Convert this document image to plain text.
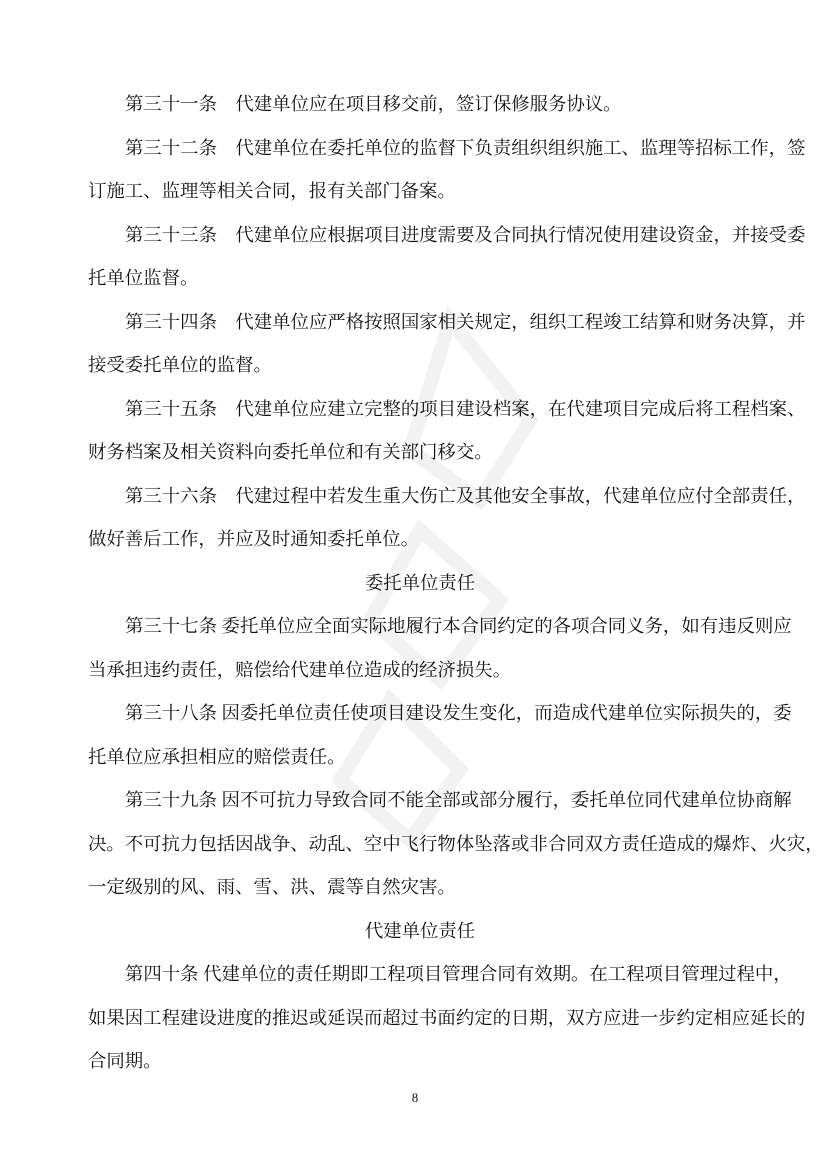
第三十一条　代建单位应在项目移交前，签订保修服务协议。
第三十二条　代建单位在委托单位的监督下负责组织组织施工、监理等招标工作，签
订施工、监理等相关合同，报有关部门备案。
第三十三条　代建单位应根据项目进度需要及合同执行情况使用建设资金，并接受委
托单位监督。
第三十四条　代建单位应严格按照国家相关规定，组织工程竣工结算和财务决算，并
接受委托单位的监督。
第三十五条　代建单位应建立完整的项目建设档案，在代建项目完成后将工程档案、
财务档案及相关资料向委托单位和有关部门移交。
第三十六条　代建过程中若发生重大伤亡及其他安全事故，代建单位应付全部责任，
做好善后工作，并应及时通知委托单位。
委托单位责任
第三十七条 委托单位应全面实际地履行本合同约定的各项合同义务，如有违反则应
当承担违约责任，赔偿给代建单位造成的经济损失。
第三十八条 因委托单位责任使项目建设发生变化，而造成代建单位实际损失的，委
托单位应承担相应的赔偿责任。
第三十九条 因不可抗力导致合同不能全部或部分履行，委托单位同代建单位协商解
决。不可抗力包括因战争、动乱、空中飞行物体坠落或非合同双方责任造成的爆炸、火灾，
一定级别的风、雨、雪、洪、震等自然灾害。
代建单位责任
第四十条 代建单位的责任期即工程项目管理合同有效期。在工程项目管理过程中，
如果因工程建设进度的推迟或延误而超过书面约定的日期，双方应进一步约定相应延长的
合同期。
8
